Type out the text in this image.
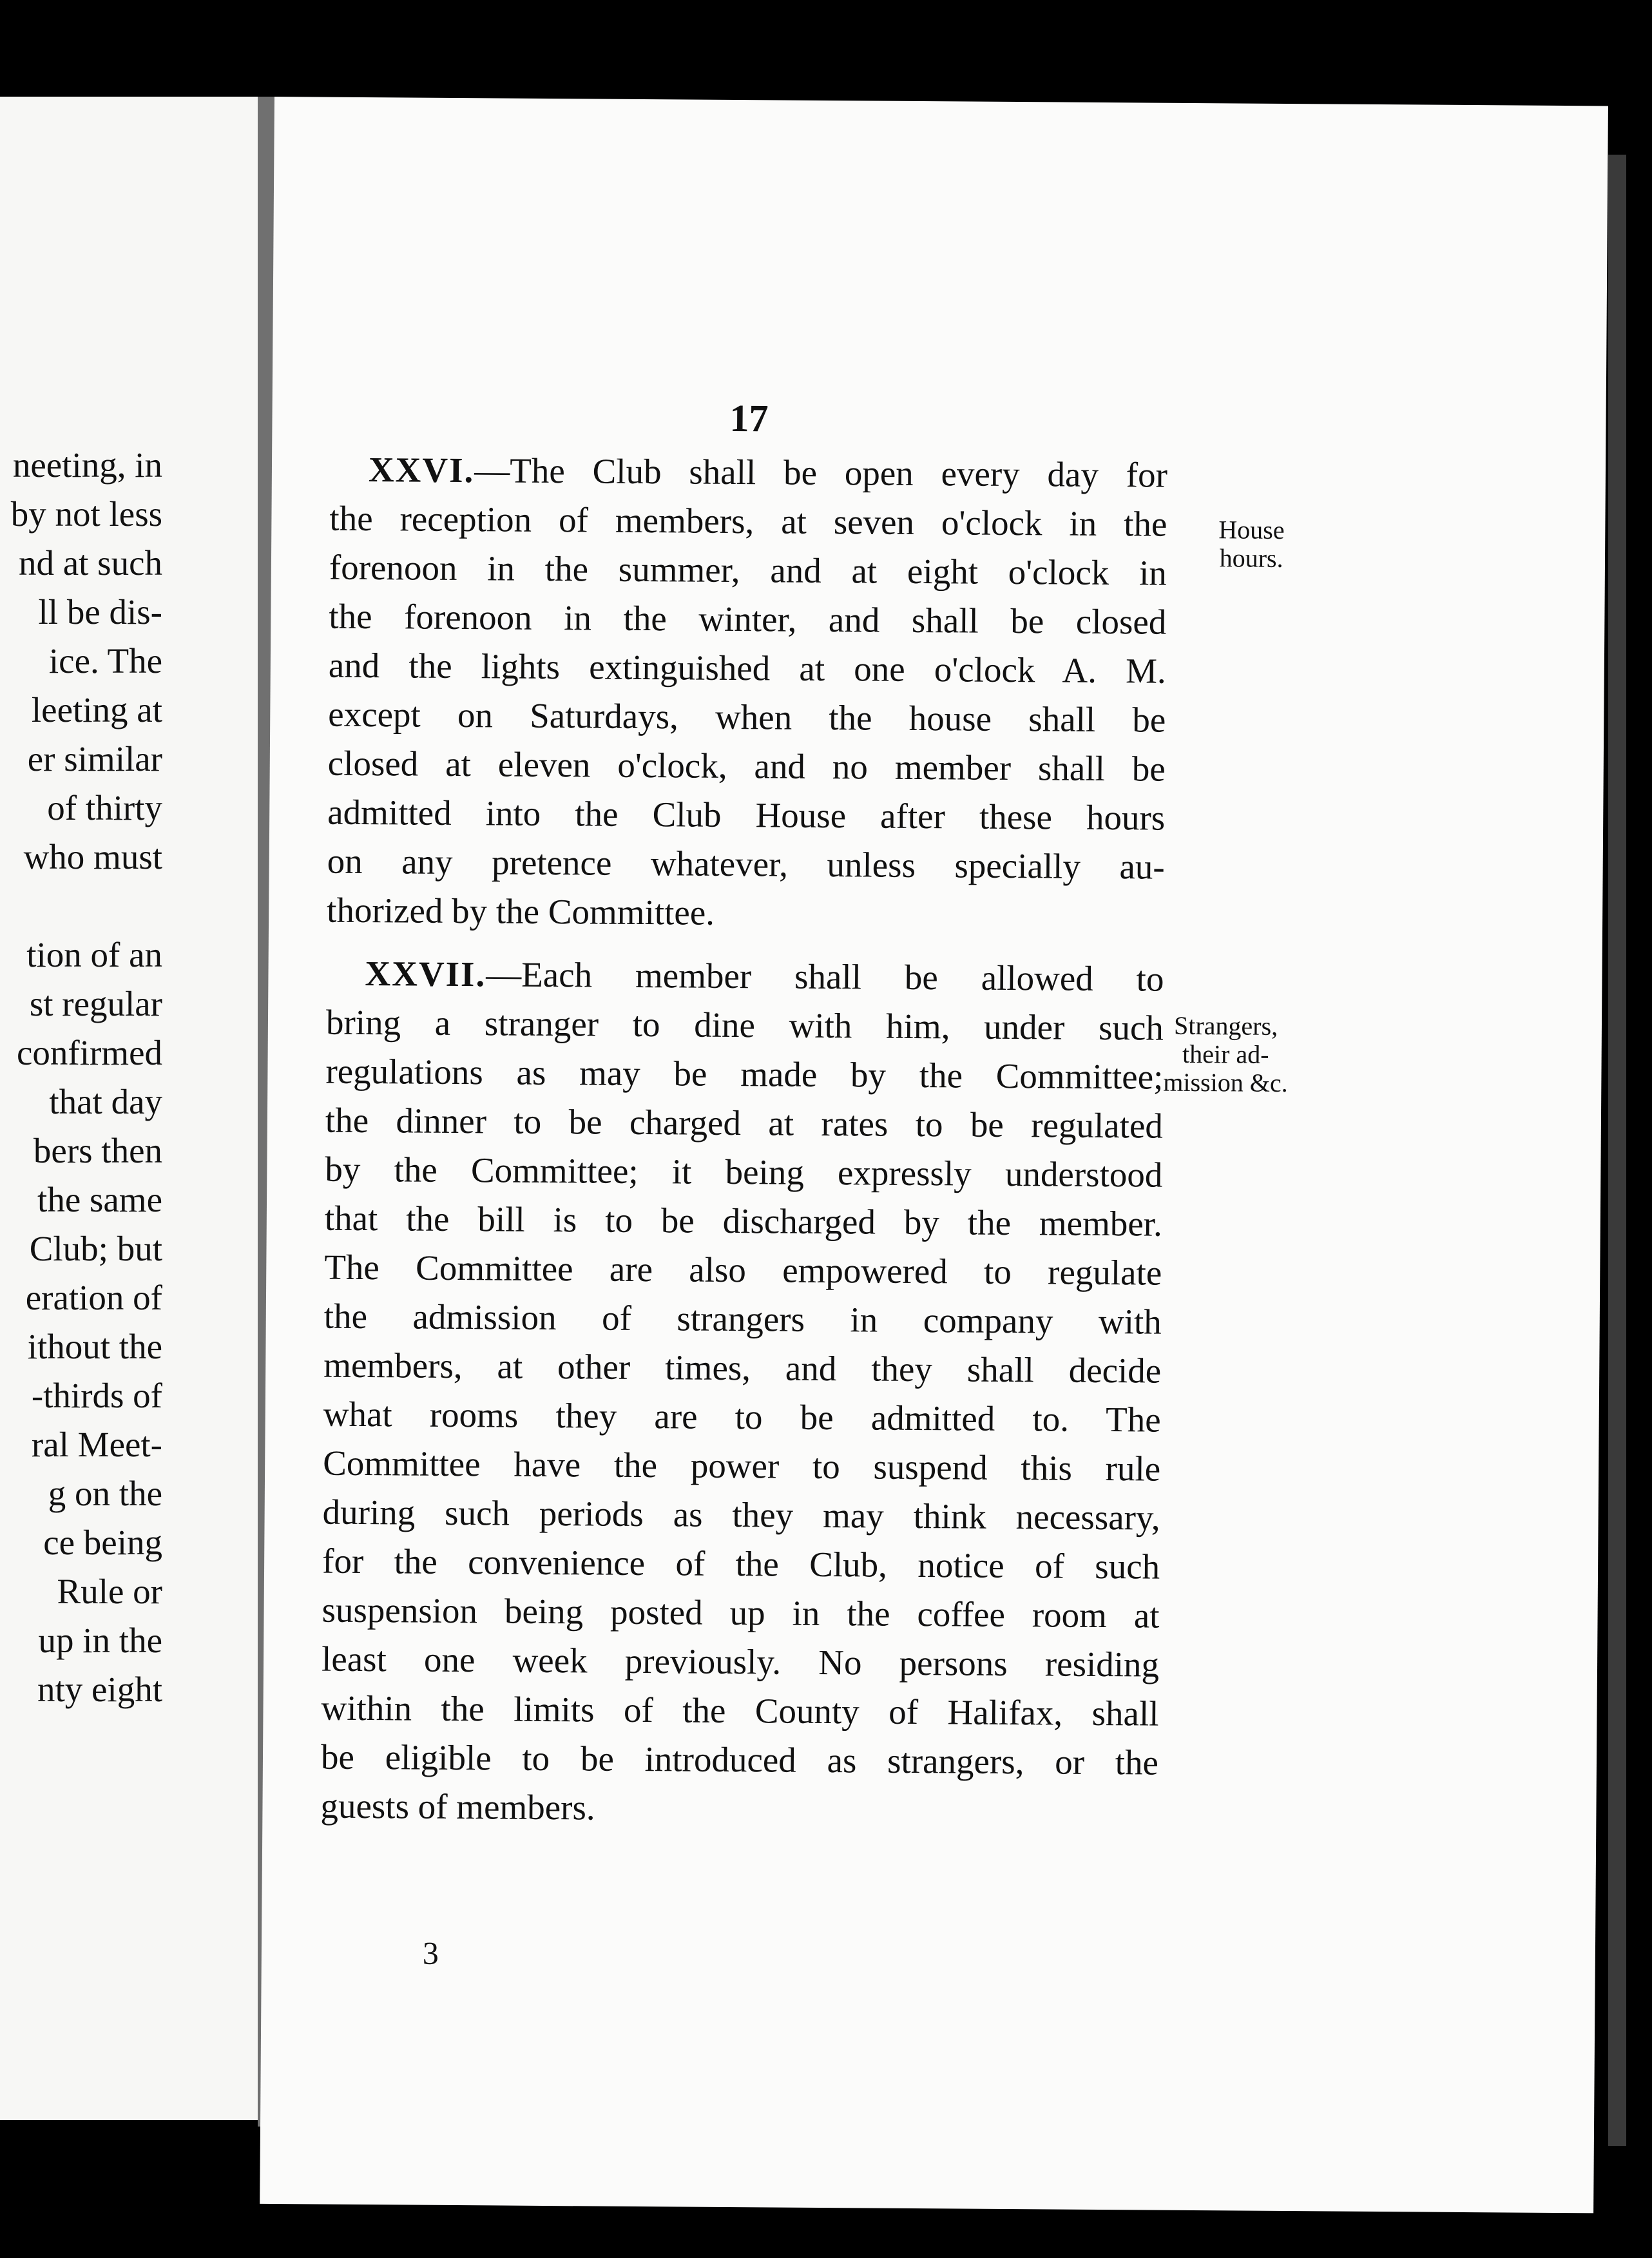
neeting, in
by not less
nd at such
ll be dis-
ice. The
leeting at
er similar
of thirty
who must
tion of an
st regular
confirmed
that day
bers then
the same
Club; but
eration of
ithout the
-thirds of
ral Meet-
g on the
ce being
Rule or
up in the
nty eight
17
XXVI.—The Club shall be open every day for
the reception of members, at seven o'clock in the
forenoon in the summer, and at eight o'clock in
the forenoon in the winter, and shall be closed
and the lights extinguished at one o'clock A. M.
except on Saturdays, when the house shall be
closed at eleven o'clock, and no member shall be
admitted into the Club House after these hours
on any pretence whatever, unless specially au-
thorized by the Committee.
XXVII.—Each member shall be allowed to
bring a stranger to dine with him, under such
regulations as may be made by the Committee;
the dinner to be charged at rates to be regulated
by the Committee; it being expressly understood
that the bill is to be discharged by the member.
The Committee are also empowered to regulate
the admission of strangers in company with
members, at other times, and they shall decide
what rooms they are to be admitted to. The
Committee have the power to suspend this rule
during such periods as they may think necessary,
for the convenience of the Club, notice of such
suspension being posted up in the coffee room at
least one week previously. No persons residing
within the limits of the County of Halifax, shall
be eligible to be introduced as strangers, or the
guests of members.
House
hours.
Strangers,
their ad-
mission &c.
3
